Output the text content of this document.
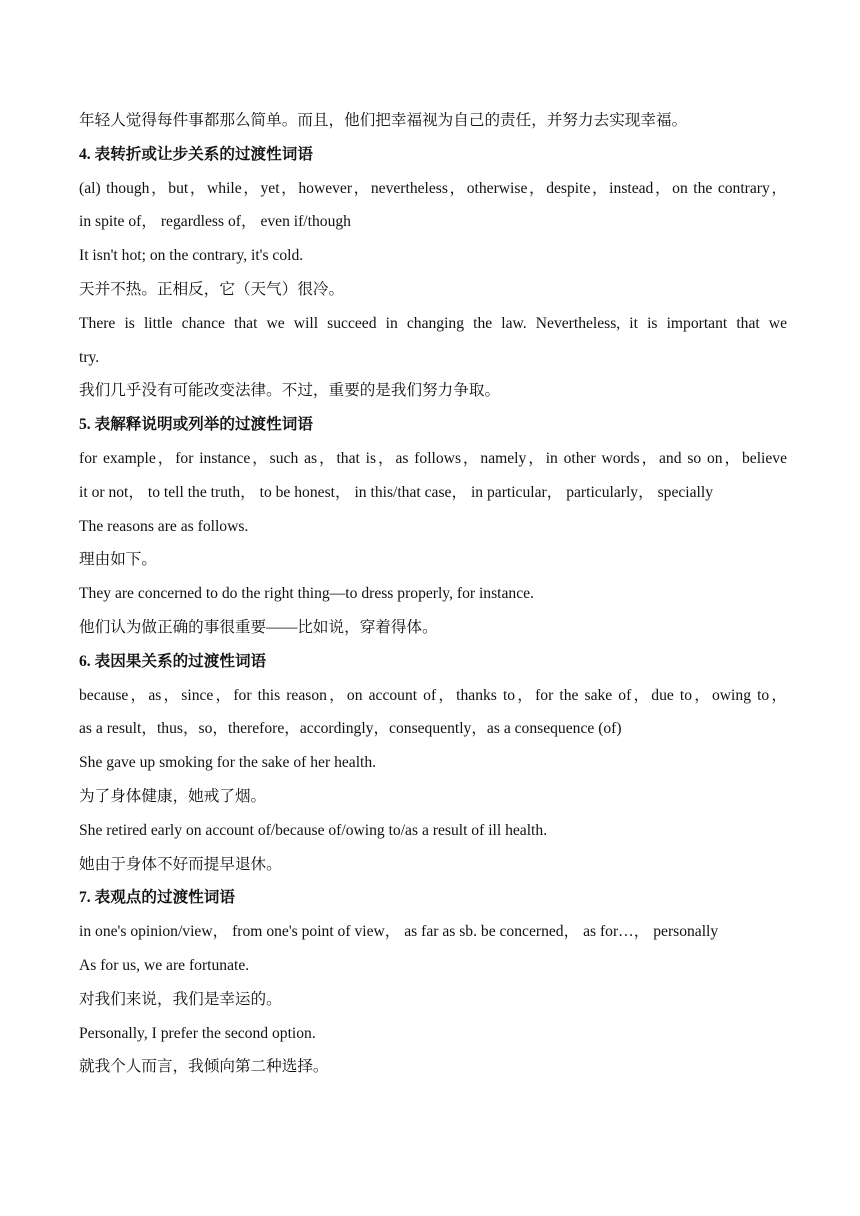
年轻人觉得每件事都那么简单。而且，他们把幸福视为自己的责任，并努力去实现幸福。
4. 表转折或让步关系的过渡性词语
(al) though，but，while，yet，however，nevertheless，otherwise，despite，instead，on the contrary，
in spite of， regardless of， even if/though
It isn't hot; on the contrary, it's cold.
天并不热。正相反，它（天气）很冷。
There is little chance that we will succeed in changing the law. Nevertheless, it is important that we
try.
我们几乎没有可能改变法律。不过，重要的是我们努力争取。
5. 表解释说明或列举的过渡性词语
for example，for instance，such as，that is，as follows，namely，in other words，and so on，believe
it or not， to tell the truth， to be honest， in this/that case， in particular， particularly， specially
The reasons are as follows.
理由如下。
They are concerned to do the right thing—to dress properly, for instance.
他们认为做正确的事很重要——比如说，穿着得体。
6. 表因果关系的过渡性词语
because，as，since，for this reason，on account of，thanks to，for the sake of，due to，owing to，
as a result，thus，so，therefore，accordingly，consequently，as a consequence (of)
She gave up smoking for the sake of her health.
为了身体健康，她戒了烟。
She retired early on account of/because of/owing to/as a result of ill health.
她由于身体不好而提早退休。
7. 表观点的过渡性词语
in one's opinion/view， from one's point of view， as far as sb. be concerned， as for…， personally
As for us, we are fortunate.
对我们来说，我们是幸运的。
Personally, I prefer the second option.
就我个人而言，我倾向第二种选择。
